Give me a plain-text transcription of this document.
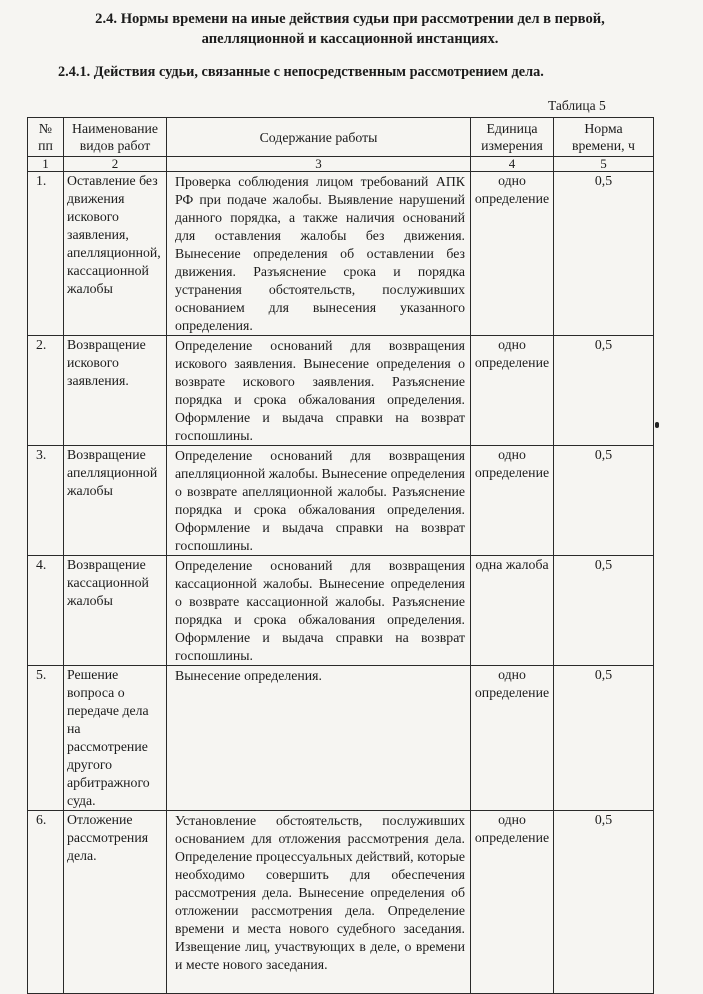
2.4. Нормы времени на иные действия судьи при рассмотрении дел в первой, апелляционной и кассационной инстанциях.
2.4.1. Действия судьи, связанные с непосредственным рассмотрением дела.
Таблица 5
№ пп	Наименование видов работ	Содержание работы	Единица измерения	Норма времени, ч
1	2	3	4	5
1.	Оставление без движения искового заявления, апелляционной, кассационной жалобы	Проверка соблюдения лицом требований АПК РФ при подаче жалобы. Выявление нарушений данного порядка, а также наличия оснований для оставления жалобы без движения. Вынесение определения об оставлении без движения. Разъяснение срока и порядка устранения обстоятельств, послуживших основанием для вынесения указанного определения.	одно определение	0,5
2.	Возвращение искового заявления.	Определение оснований для возвращения искового заявления. Вынесение определения о возврате искового заявления. Разъяснение порядка и срока обжалования определения. Оформление и выдача справки на возврат госпошлины.	одно определение	0,5
3.	Возвращение апелляционной жалобы	Определение оснований для возвращения апелляционной жалобы. Вынесение определения о возврате апелляционной жалобы. Разъяснение порядка и срока обжалования определения. Оформление и выдача справки на возврат госпошлины.	одно определение	0,5
4.	Возвращение кассационной жалобы	Определение оснований для возвращения кассационной жалобы. Вынесение определения о возврате кассационной жалобы. Разъяснение порядка и срока обжалования определения. Оформление и выдача справки на возврат госпошлины.	одна жалоба	0,5
5.	Решение вопроса о передаче дела на рассмотрение другого арбитражного суда.	Вынесение определения.	одно определение	0,5
6.	Отложение рассмотрения дела.	Установление обстоятельств, послуживших основанием для отложения рассмотрения дела. Определение процессуальных действий, которые необходимо совершить для обеспечения рассмотрения дела. Вынесение определения об отложении рассмотрения дела. Определение времени и места нового судебного заседания. Извещение лиц, участвующих в деле, о времени и месте нового заседания.	одно определение	0,5
